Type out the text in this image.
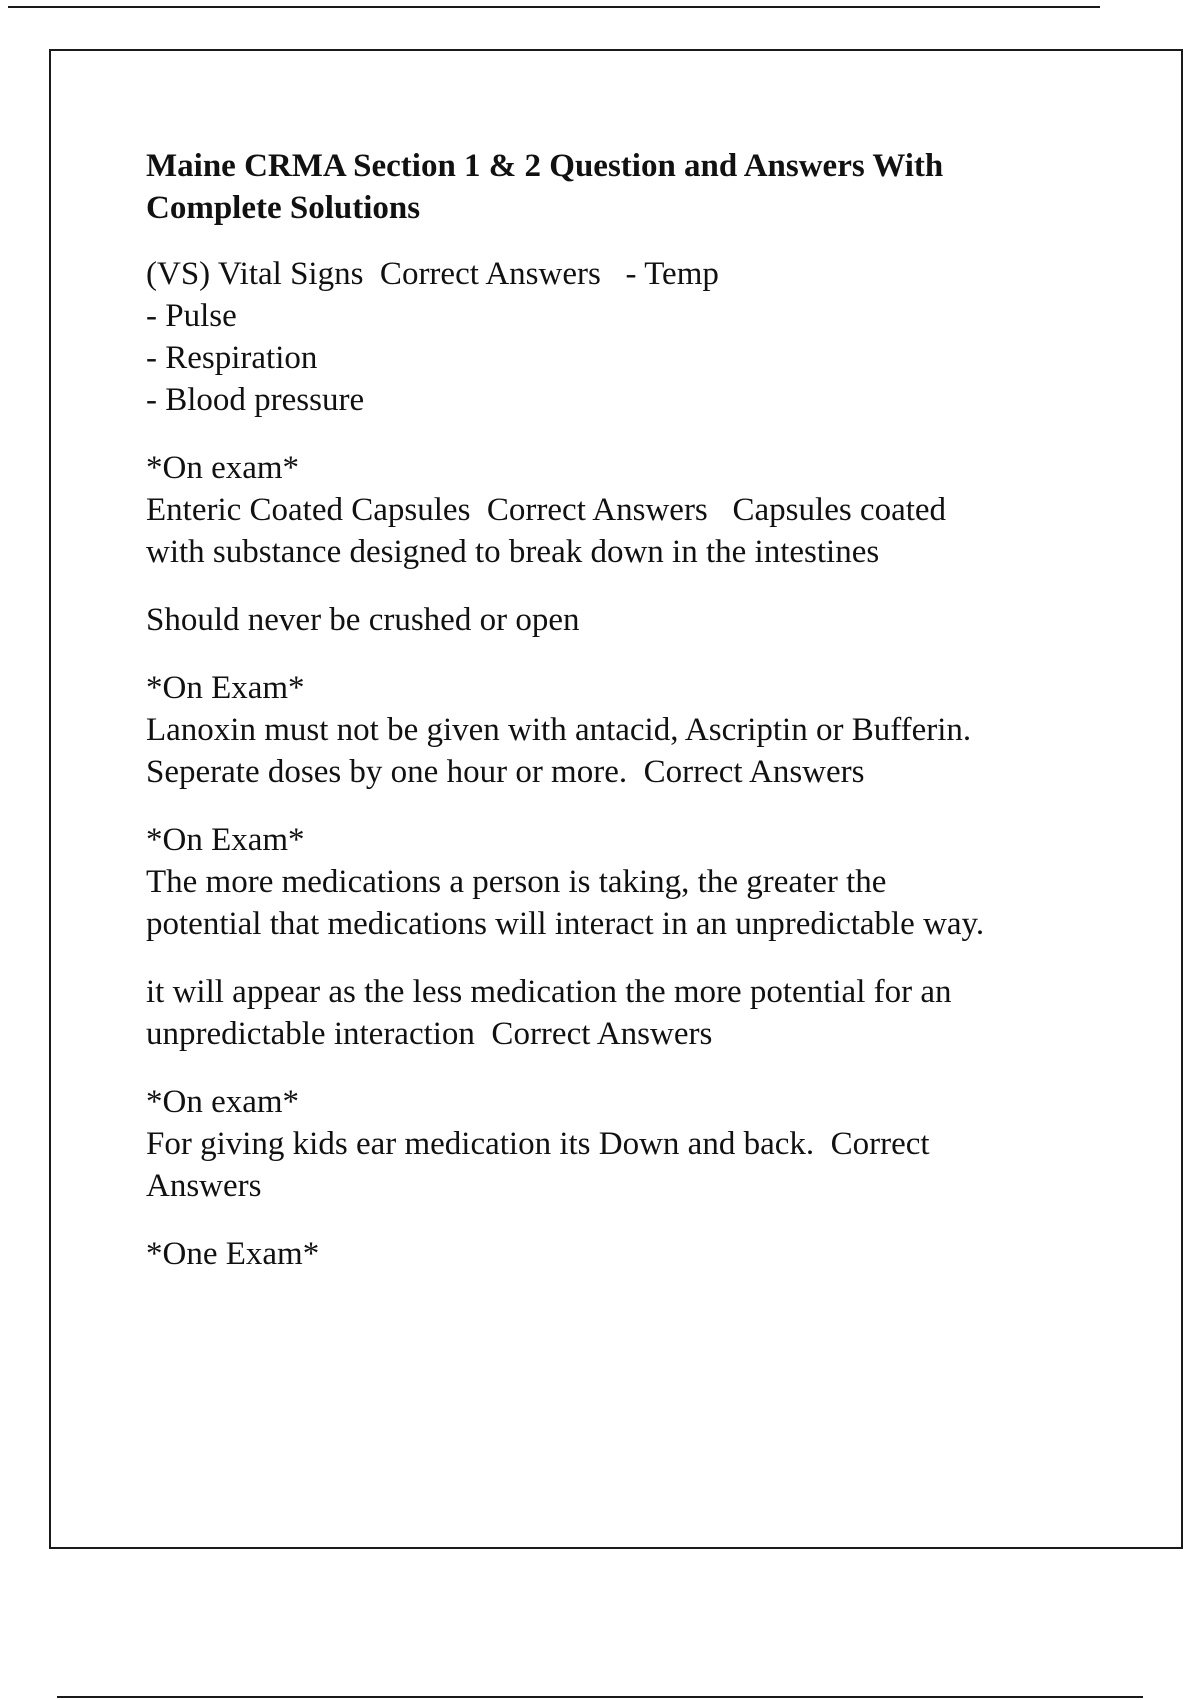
Maine CRMA Section 1 & 2 Question and Answers With
Complete Solutions
(VS) Vital Signs  Correct Answers   - Temp
- Pulse
- Respiration
- Blood pressure
*On exam*
Enteric Coated Capsules  Correct Answers   Capsules coated
with substance designed to break down in the intestines
Should never be crushed or open
*On Exam*
Lanoxin must not be given with antacid, Ascriptin or Bufferin.
Seperate doses by one hour or more.  Correct Answers
*On Exam*
The more medications a person is taking, the greater the
potential that medications will interact in an unpredictable way.
it will appear as the less medication the more potential for an
unpredictable interaction  Correct Answers
*On exam*
For giving kids ear medication its Down and back.  Correct
Answers
*One Exam*
